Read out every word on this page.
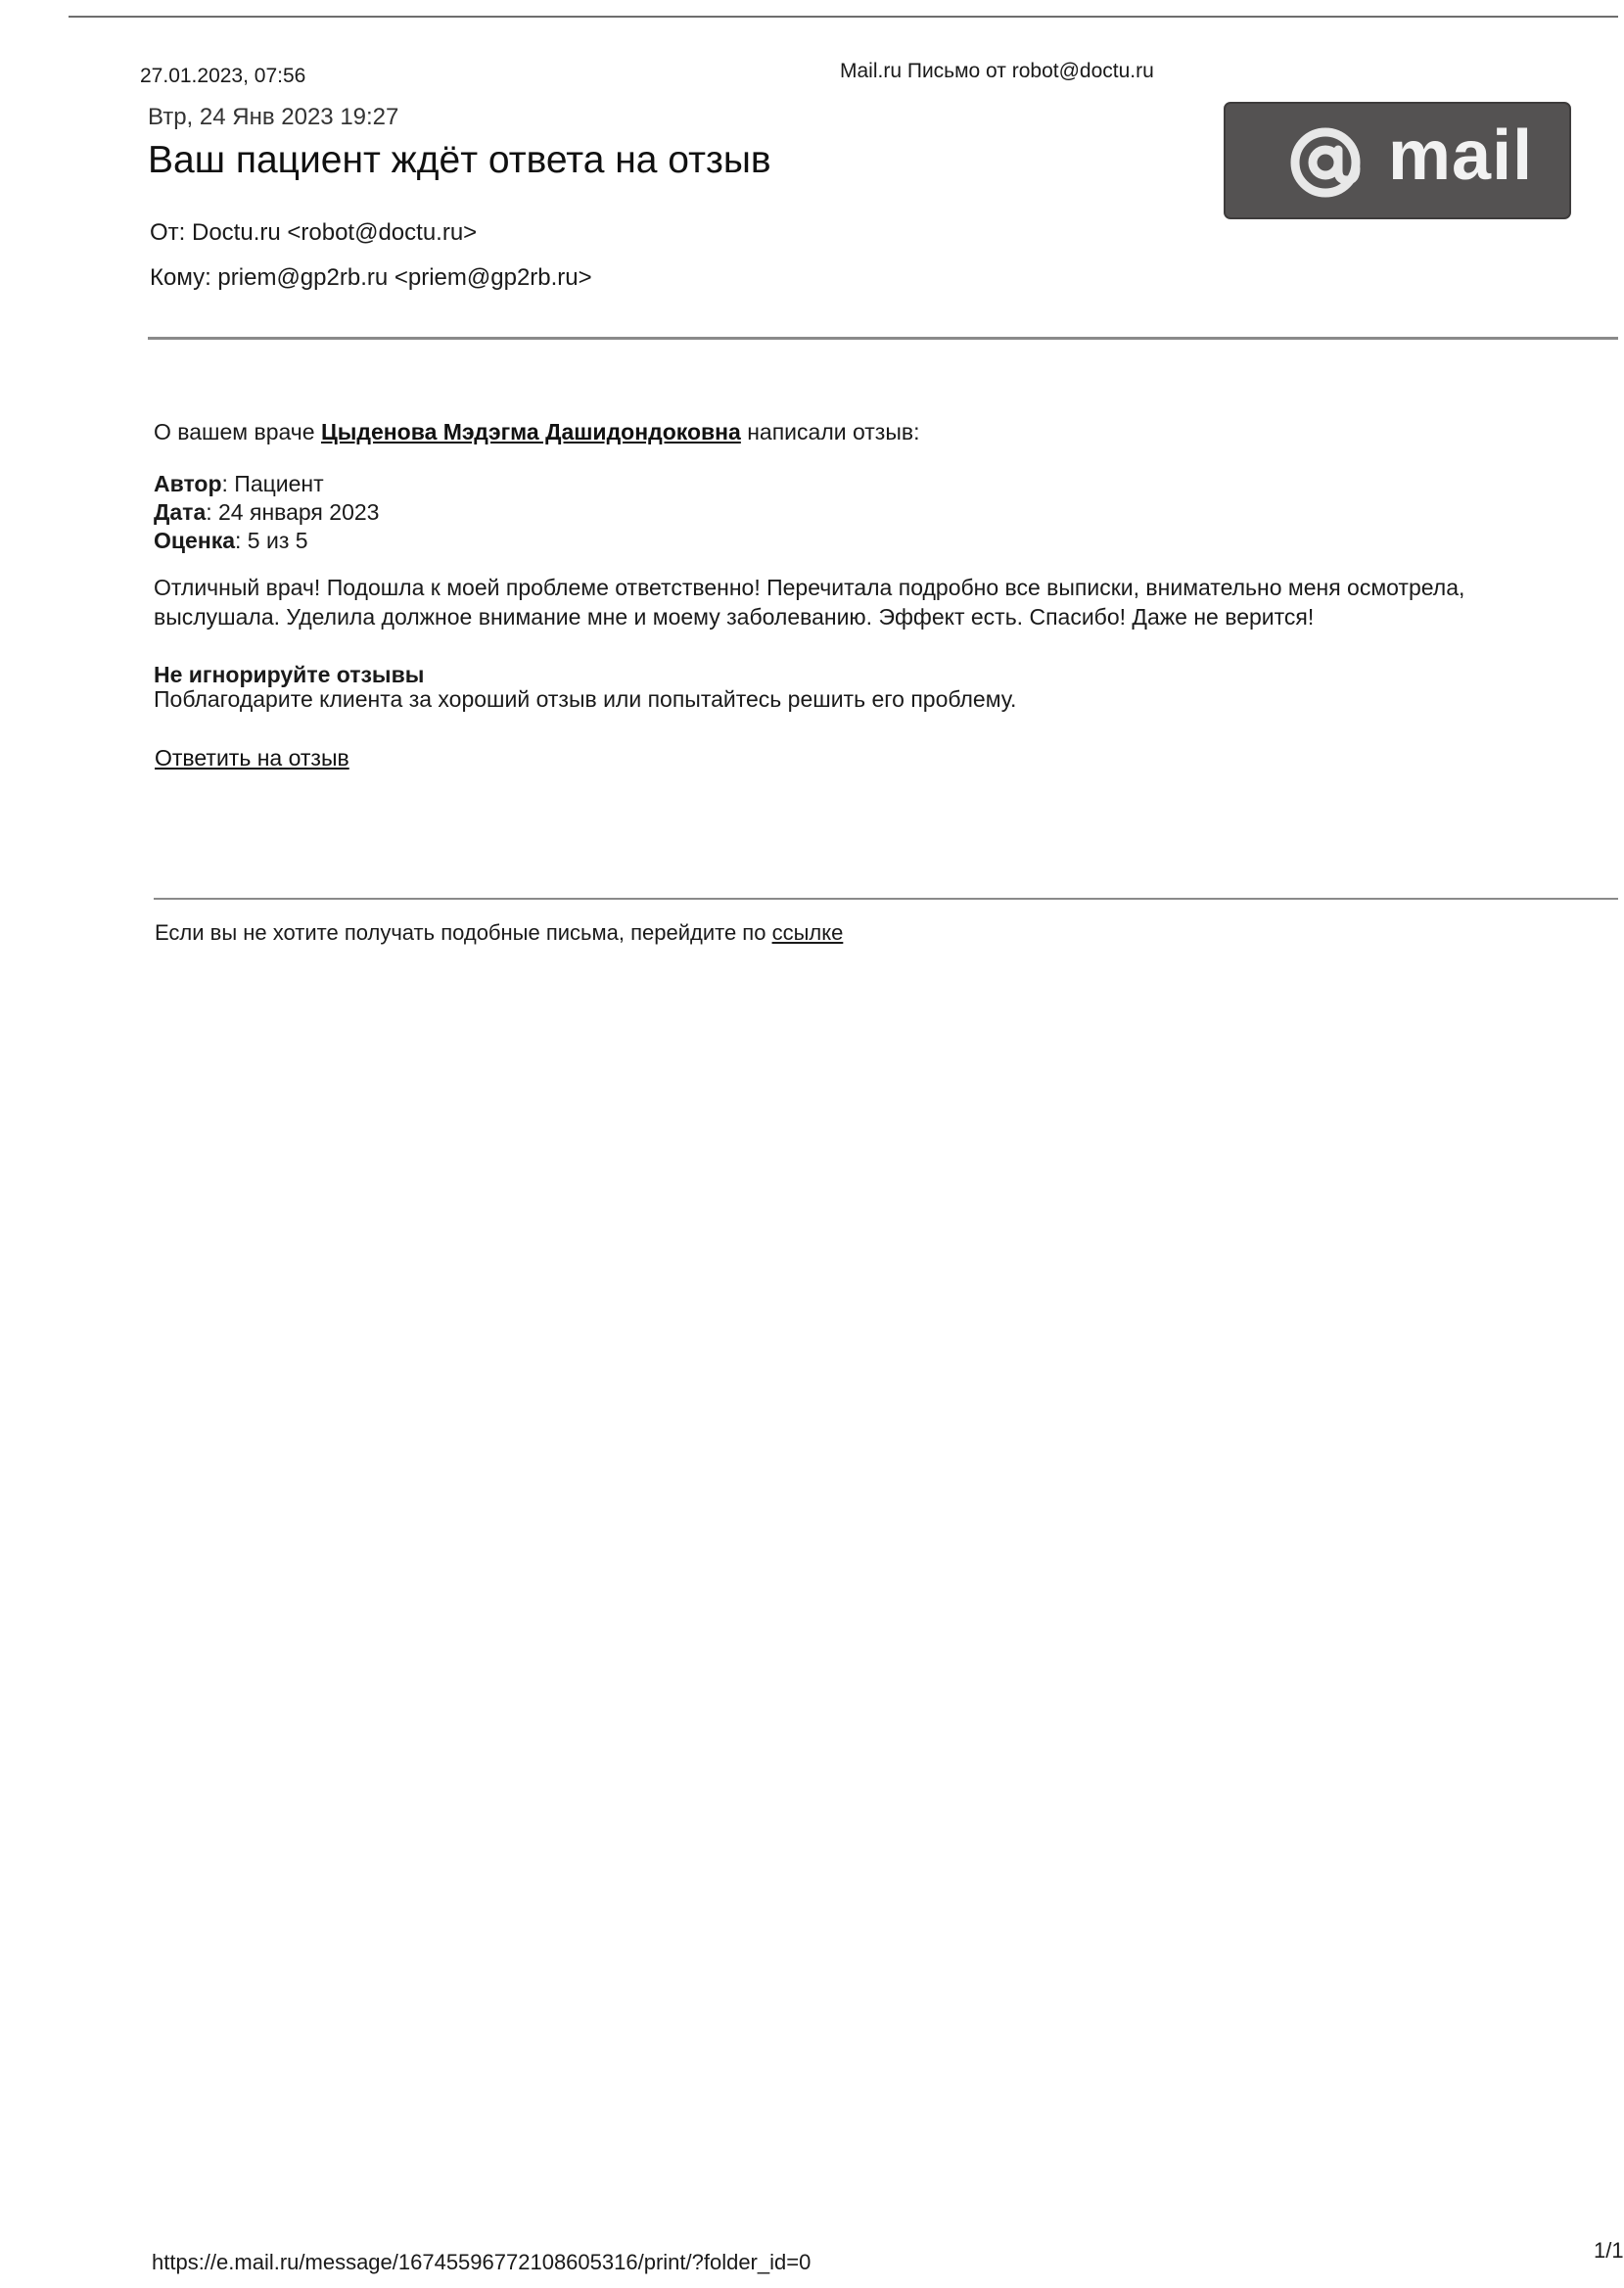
27.01.2023, 07:56	Mail.ru Письмо от robot@doctu.ru
Втр, 24 Янв 2023 19:27
Ваш пациент ждёт ответа на отзыв
От: Doctu.ru <robot@doctu.ru>
Кому: priem@gp2rb.ru <priem@gp2rb.ru>
mail
О вашем враче Цыденова Мэдэгма Дашидондоковна написали отзыв:
Автор: Пациент
Дата: 24 января 2023
Оценка: 5 из 5
Отличный врач! Подошла к моей проблеме ответственно! Перечитала подробно все выписки, внимательно меня осмотрела, выслушала. Уделила должное внимание мне и моему заболеванию. Эффект есть. Спасибо! Даже не верится!
Не игнорируйте отзывы
Поблагодарите клиента за хороший отзыв или попытайтесь решить его проблему.
Ответить на отзыв
Если вы не хотите получать подобные письма, перейдите по ссылке
https://e.mail.ru/message/16745596772108605316/print/?folder_id=0	1/1
